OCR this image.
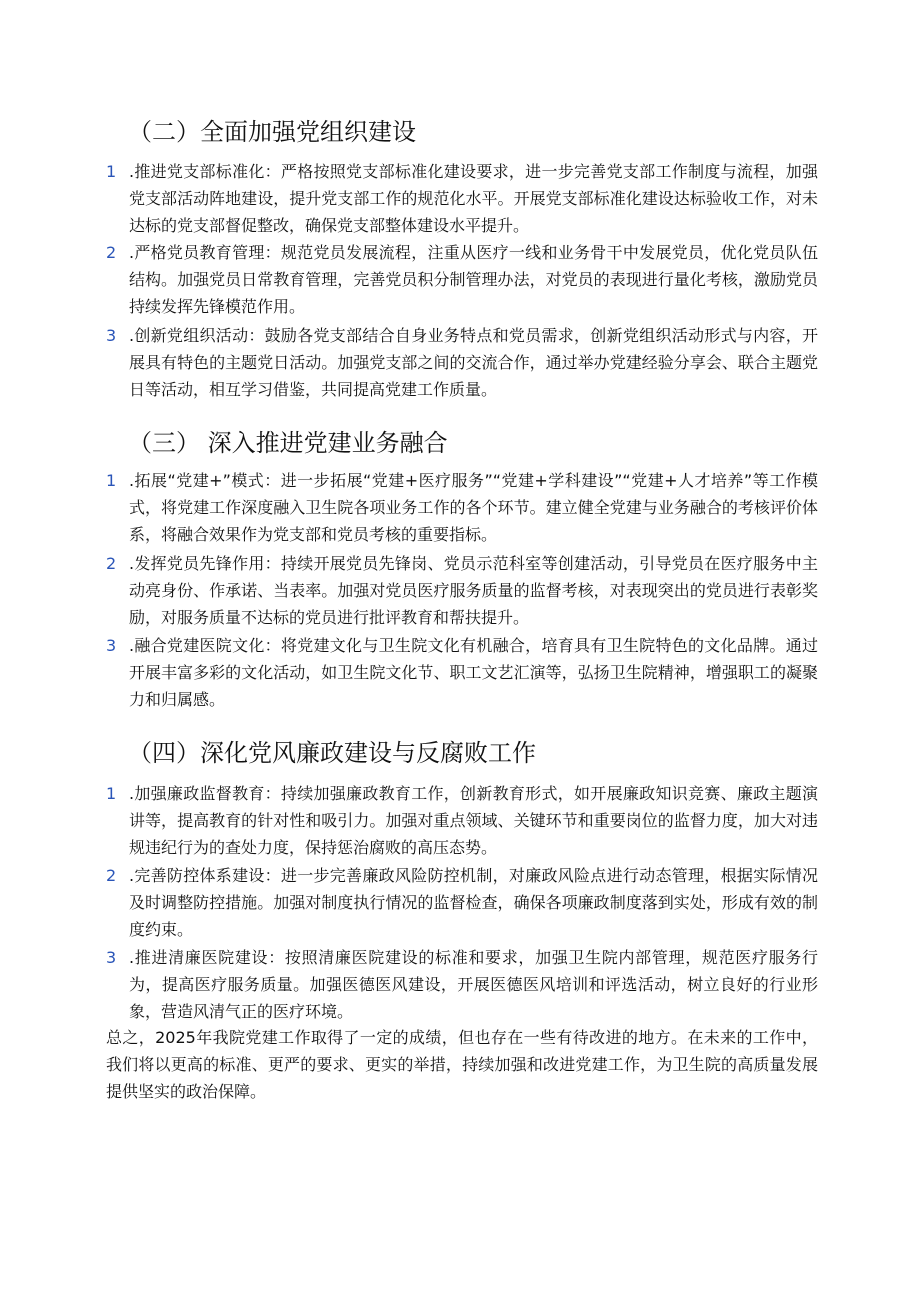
（二）全面加强党组织建设
1 .推进党支部标准化：严格按照党支部标准化建设要求，进一步完善党支部工作制度与流程，加强党支部活动阵地建设，提升党支部工作的规范化水平。开展党支部标准化建设达标验收工作，对未达标的党支部督促整改，确保党支部整体建设水平提升。
2 .严格党员教育管理：规范党员发展流程，注重从医疗一线和业务骨干中发展党员，优化党员队伍结构。加强党员日常教育管理，完善党员积分制管理办法，对党员的表现进行量化考核，激励党员持续发挥先锋模范作用。
3 .创新党组织活动：鼓励各党支部结合自身业务特点和党员需求，创新党组织活动形式与内容，开展具有特色的主题党日活动。加强党支部之间的交流合作，通过举办党建经验分享会、联合主题党日等活动，相互学习借鉴，共同提高党建工作质量。
（三） 深入推进党建业务融合
1 .拓展“党建+”模式：进一步拓展“党建+医疗服务”“党建+学科建设”“党建+人才培养”等工作模式，将党建工作深度融入卫生院各项业务工作的各个环节。建立健全党建与业务融合的考核评价体系，将融合效果作为党支部和党员考核的重要指标。
2 .发挥党员先锋作用：持续开展党员先锋岗、党员示范科室等创建活动，引导党员在医疗服务中主动亮身份、作承诺、当表率。加强对党员医疗服务质量的监督考核，对表现突出的党员进行表彰奖励，对服务质量不达标的党员进行批评教育和帮扶提升。
3 .融合党建医院文化：将党建文化与卫生院文化有机融合，培育具有卫生院特色的文化品牌。通过开展丰富多彩的文化活动，如卫生院文化节、职工文艺汇演等，弘扬卫生院精神，增强职工的凝聚力和归属感。
（四）深化党风廉政建设与反腐败工作
1 .加强廉政监督教育：持续加强廉政教育工作，创新教育形式，如开展廉政知识竞赛、廉政主题演讲等，提高教育的针对性和吸引力。加强对重点领域、关键环节和重要岗位的监督力度，加大对违规违纪行为的查处力度，保持惩治腐败的高压态势。
2 .完善防控体系建设：进一步完善廉政风险防控机制，对廉政风险点进行动态管理，根据实际情况及时调整防控措施。加强对制度执行情况的监督检查，确保各项廉政制度落到实处，形成有效的制度约束。
3 .推进清廉医院建设：按照清廉医院建设的标准和要求，加强卫生院内部管理，规范医疗服务行为，提高医疗服务质量。加强医德医风建设，开展医德医风培训和评选活动，树立良好的行业形象，营造风清气正的医疗环境。

总之，2025年我院党建工作取得了一定的成绩，但也存在一些有待改进的地方。在未来的工作中，我们将以更高的标准、更严的要求、更实的举措，持续加强和改进党建工作，为卫生院的高质量发展提供坚实的政治保障。
